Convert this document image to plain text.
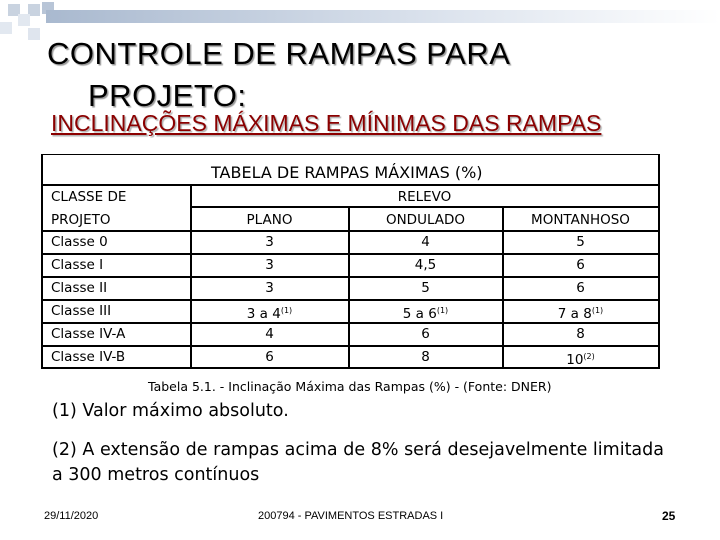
CONTROLE DE RAMPAS PARA
PROJETO:
INCLINAÇÕES MÁXIMAS E MÍNIMAS DAS RAMPAS
TABELA DE RAMPAS MÁXIMAS (%)
CLASSE DE
PROJETO
RELEVO
PLANO	ONDULADO	MONTANHOSO
Classe 0	3	4	5
Classe I	3	4,5	6
Classe II	3	5	6
Classe III	3 a 4$^{(1)}$	5 a 6$^{(1)}$	7 a 8$^{(1)}$
Classe IV-A	4	6	8
Classe IV-B	6	8	10$^{(2)}$
Tabela 5.1. - Inclinação Máxima das Rampas (%) - (Fonte: DNER)
(1) Valor máximo absoluto.
(2) A extensão de rampas acima de 8% será desejavelmente limitada a 300 metros contínuos
29/11/2020	200794 - PAVIMENTOS ESTRADAS I	25
